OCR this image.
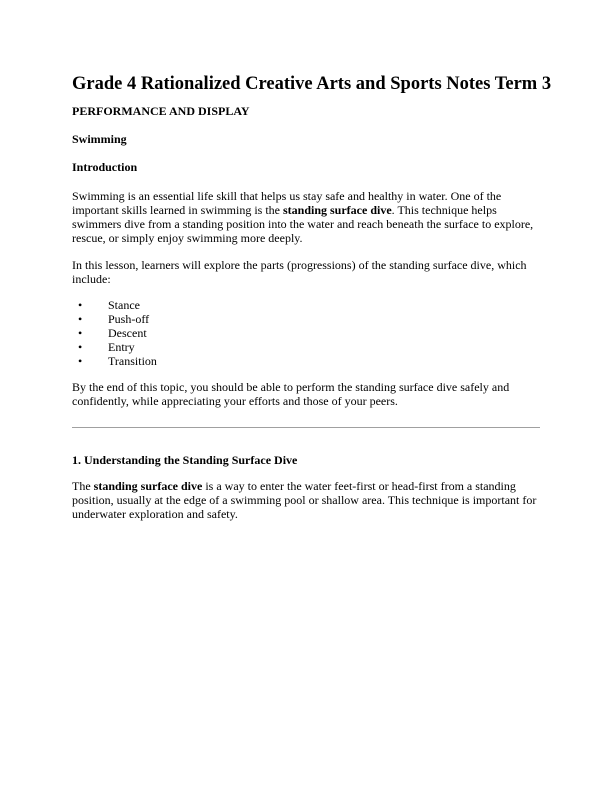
Grade 4 Rationalized Creative Arts and Sports Notes Term 3
PERFORMANCE AND DISPLAY
Swimming
Introduction
Swimming is an essential life skill that helps us stay safe and healthy in water. One of the important skills learned in swimming is the standing surface dive. This technique helps swimmers dive from a standing position into the water and reach beneath the surface to explore, rescue, or simply enjoy swimming more deeply.
In this lesson, learners will explore the parts (progressions) of the standing surface dive, which include:
• Stance
• Push-off
• Descent
• Entry
• Transition
By the end of this topic, you should be able to perform the standing surface dive safely and confidently, while appreciating your efforts and those of your peers.
1. Understanding the Standing Surface Dive
The standing surface dive is a way to enter the water feet-first or head-first from a standing position, usually at the edge of a swimming pool or shallow area. This technique is important for underwater exploration and safety.
